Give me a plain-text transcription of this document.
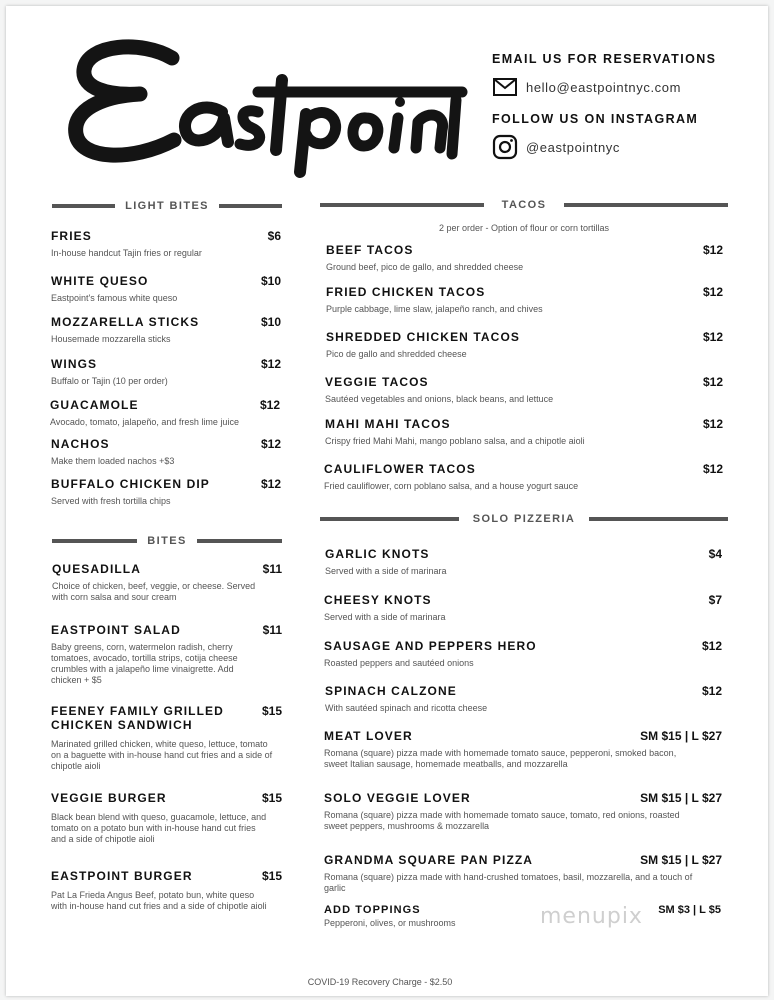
EMAIL US FOR RESERVATIONS
hello@eastpointnyc.com
FOLLOW US ON INSTAGRAM
@eastpointnyc
LIGHT BITES
FRIES	$6
In-house handcut Tajin fries or regular
WHITE QUESO	$10
Eastpoint's famous white queso
MOZZARELLA STICKS	$10
Housemade mozzarella sticks
WINGS	$12
Buffalo or Tajin (10 per order)
GUACAMOLE	$12
Avocado, tomato, jalapeño, and fresh lime juice
NACHOS	$12
Make them loaded nachos +$3
BUFFALO CHICKEN DIP	$12
Served with fresh tortilla chips
BITES
QUESADILLA	$11
Choice of chicken, beef, veggie, or cheese. Served with corn salsa and sour cream
EASTPOINT SALAD	$11
Baby greens, corn, watermelon radish, cherry tomatoes, avocado, tortilla strips, cotija cheese crumbles with a jalapeño lime vinaigrette. Add chicken + $5
FEENEY FAMILY GRILLED CHICKEN SANDWICH
$15
Marinated grilled chicken, white queso, lettuce, tomato on a baguette with in-house hand cut fries and a side of chipotle aioli
VEGGIE BURGER	$15
Black bean blend with queso, guacamole, lettuce, and tomato on a potato bun with in-house hand cut fries and a side of chipotle aioli
EASTPOINT BURGER	$15
Pat La Frieda Angus Beef, potato bun, white queso with in-house hand cut fries and a side of chipotle aioli
TACOS
2 per order - Option of flour or corn tortillas
BEEF TACOS	$12
Ground beef, pico de gallo, and shredded cheese
FRIED CHICKEN TACOS	$12
Purple cabbage, lime slaw, jalapeño ranch, and chives
SHREDDED CHICKEN TACOS	$12
Pico de gallo and shredded cheese
VEGGIE TACOS	$12
Sautéed vegetables and onions, black beans, and lettuce
MAHI MAHI TACOS	$12
Crispy fried Mahi Mahi, mango poblano salsa, and a chipotle aioli
CAULIFLOWER TACOS	$12
Fried cauliflower, corn poblano salsa, and a house yogurt sauce
SOLO PIZZERIA
GARLIC KNOTS	$4
Served with a side of marinara
CHEESY KNOTS	$7
Served with a side of marinara
SAUSAGE AND PEPPERS HERO	$12
Roasted peppers and sautéed onions
SPINACH CALZONE	$12
With sautéed spinach and ricotta cheese
MEAT LOVER	SM $15 | L $27
Romana (square) pizza made with homemade tomato sauce, pepperoni, smoked bacon, sweet Italian sausage, homemade meatballs, and mozzarella
SOLO VEGGIE LOVER	SM $15 | L $27
Romana (square) pizza made with homemade tomato sauce, tomato, red onions, roasted sweet peppers, mushrooms & mozzarella
GRANDMA SQUARE PAN PIZZA	SM $15 | L $27
Romana (square) pizza made with hand-crushed tomatoes, basil, mozzarella, and a touch of garlic
ADD TOPPINGS	SM $3 | L $5
Pepperoni, olives, or mushrooms	menupix
COVID-19 Recovery Charge - $2.50
